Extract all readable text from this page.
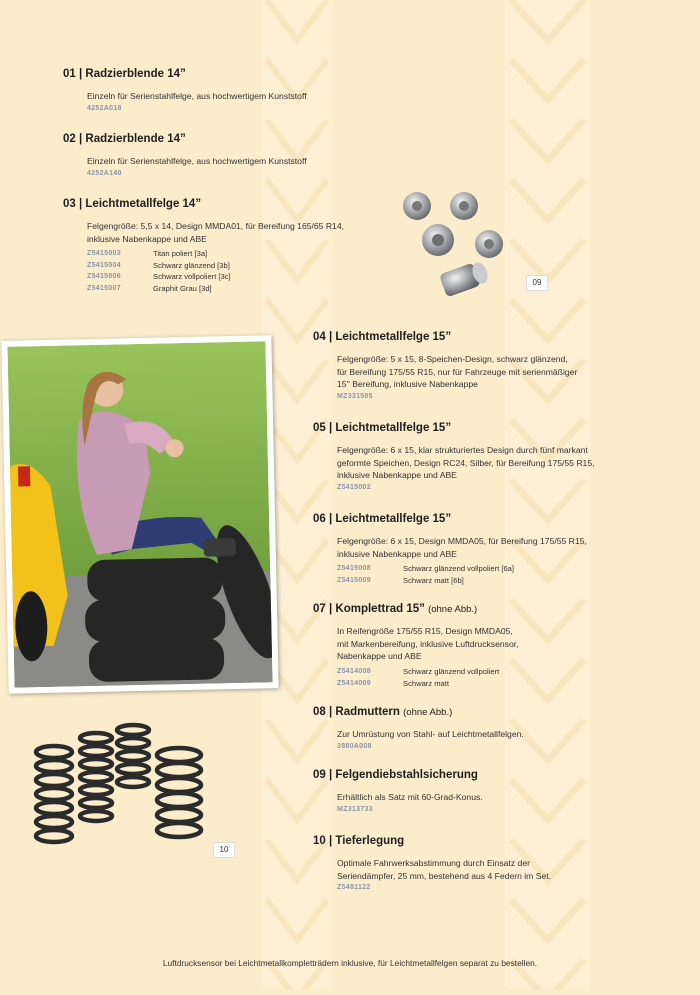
01 | Radzierblende 14”
Einzeln für Serienstahlfelge, aus hochwertigem Kunststoff
4252A018
02 | Radzierblende 14”
Einzeln für Serienstahlfelge, aus hochwertigem Kunststoff
4252A140
03 | Leichtmetallfelge 14”
Felgengröße: 5,5 x 14, Design MMDA01, für Bereifung 165/65 R14,
inklusive Nabenkappe und ABE
Z5415003	Titan poliert [3a]
Z5415004	Schwarz glänzend [3b]
Z5415006	Schwarz vollpoliert [3c]
Z5415007	Graphit Grau [3d]
09
04 | Leichtmetallfelge 15”
Felgengröße: 5 x 15, 8-Speichen-Design, schwarz glänzend,
für Bereifung 175/55 R15, nur für Fahrzeuge mit serienmäßiger
15'' Bereifung, inklusive Nabenkappe
MZ331505
05 | Leichtmetallfelge 15”
Felgengröße: 6 x 15, klar strukturiertes Design durch fünf markant
geformte Speichen, Design RC24, Silber, für Bereifung 175/55 R15,
inklusive Nabenkappe und ABE
Z5415002
06 | Leichtmetallfelge 15”
Felgengröße: 6 x 15, Design MMDA05, für Bereifung 175/55 R15,
inklusive Nabenkappe und ABE
Z5415008	Schwarz glänzend vollpoliert [6a]
Z5415009	Schwarz matt [6b]
07 | Komplettrad 15” (ohne Abb.)
In Reifengröße 175/55 R15, Design MMDA05,
mit Markenbereifung, inklusive Luftdrucksensor,
Nabenkappe und ABE
Z5414008	Schwarz glänzend vollpoliert
Z5414009	Schwarz matt
08 | Radmuttern (ohne Abb.)
Zur Umrüstung von Stahl- auf Leichtmetallfelgen.
3880A008
09 | Felgendiebstahlsicherung
Erhältlich als Satz mit 60-Grad-Konus.
MZ313733
10 | Tieferlegung
Optimale Fahrwerksabstimmung durch Einsatz der
Seriendämpfer, 25 mm, bestehend aus 4 Federn im Set.
Z5481122
10
Luftdrucksensor bei Leichtmetallkompletträdern inklusive, für Leichtmetallfelgen separat zu bestellen.
